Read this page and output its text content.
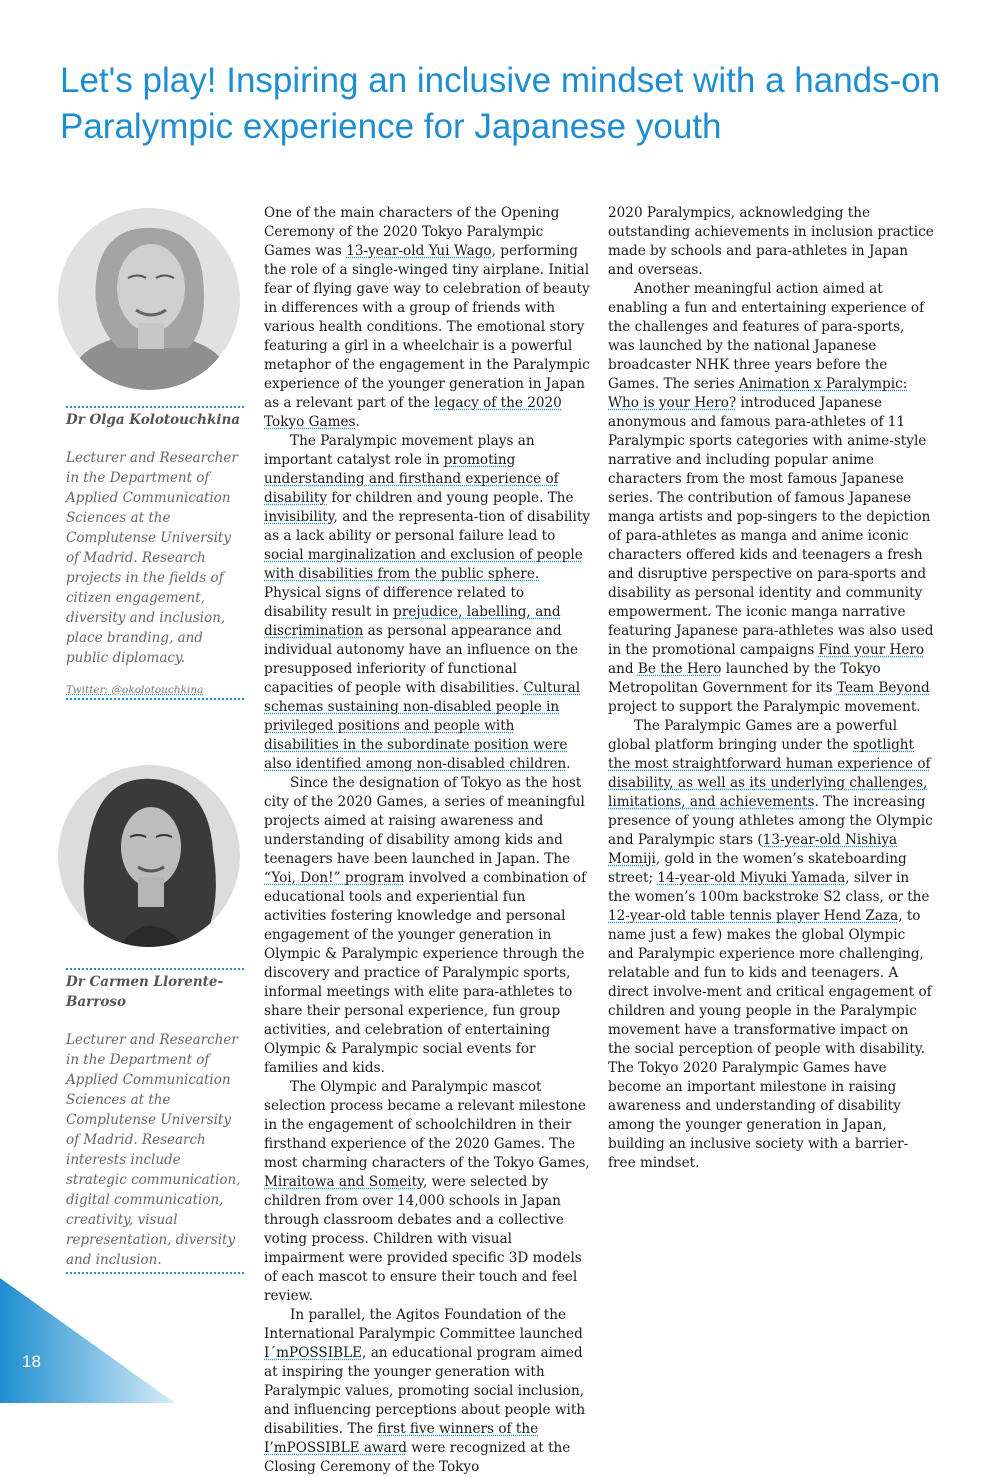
Let's play! Inspiring an inclusive mindset with a hands-on Paralympic experience for Japanese youth

Dr Olga Kolotouchkina

Lecturer and Researcher in the Department of Applied Communication Sciences at the Complutense University of Madrid. Research projects in the fields of citizen engagement, diversity and inclusion, place branding, and public diplomacy.

Twitter: @okolotouchkina

Dr Carmen Llorente-Barroso

Lecturer and Researcher in the Department of Applied Communication Sciences at the Complutense University of Madrid. Research interests include strategic communication, digital communication, creativity, visual representation, diversity and inclusion.

One of the main characters of the Opening Ceremony of the 2020 Tokyo Paralympic Games was 13-year-old Yui Wago, performing the role of a single-winged tiny airplane. Initial fear of flying gave way to celebration of beauty in differences with a group of friends with various health conditions. The emotional story featuring a girl in a wheelchair is a powerful metaphor of the engagement in the Paralympic experience of the younger generation in Japan as a relevant part of the legacy of the 2020 Tokyo Games.

The Paralympic movement plays an important catalyst role in promoting understanding and firsthand experience of disability for children and young people. The invisibility, and the representa-tion of disability as a lack ability or personal failure lead to social marginalization and exclusion of people with disabilities from the public sphere. Physical signs of difference related to disability result in prejudice, labelling, and discrimination as personal appearance and individual autonomy have an influence on the presupposed inferiority of functional capacities of people with disabilities. Cultural schemas sustaining non-disabled people in privileged positions and people with disabilities in the subordinate position were also identified among non-disabled children.

Since the designation of Tokyo as the host city of the 2020 Games, a series of meaningful projects aimed at raising awareness and understanding of disability among kids and teenagers have been launched in Japan. The “Yoi, Don!” program involved a combination of educational tools and experiential fun activities fostering knowledge and personal engagement of the younger generation in Olympic & Paralympic experience through the discovery and practice of Paralympic sports, informal meetings with elite para-athletes to share their personal experience, fun group activities, and celebration of entertaining Olympic & Paralympic social events for families and kids.

The Olympic and Paralympic mascot selection process became a relevant milestone in the engagement of schoolchildren in their firsthand experience of the 2020 Games. The most charming characters of the Tokyo Games, Miraitowa and Someity, were selected by children from over 14,000 schools in Japan through classroom debates and a collective voting process. Children with visual impairment were provided specific 3D models of each mascot to ensure their touch and feel review.

In parallel, the Agitos Foundation of the International Paralympic Committee launched I´mPOSSIBLE, an educational program aimed at inspiring the younger generation with Paralympic values, promoting social inclusion, and influencing perceptions about people with disabilities. The first five winners of the I’mPOSSIBLE award were recognized at the Closing Ceremony of the Tokyo

2020 Paralympics, acknowledging the outstanding achievements in inclusion practice made by schools and para-athletes in Japan and overseas.

Another meaningful action aimed at enabling a fun and entertaining experience of the challenges and features of para-sports, was launched by the national Japanese broadcaster NHK three years before the Games. The series Animation x Paralympic: Who is your Hero? introduced Japanese anonymous and famous para-athletes of 11 Paralympic sports categories with anime-style narrative and including popular anime characters from the most famous Japanese series. The contribution of famous Japanese manga artists and pop-singers to the depiction of para-athletes as manga and anime iconic characters offered kids and teenagers a fresh and disruptive perspective on para-sports and disability as personal identity and community empowerment. The iconic manga narrative featuring Japanese para-athletes was also used in the promotional campaigns Find your Hero and Be the Hero launched by the Tokyo Metropolitan Government for its Team Beyond project to support the Paralympic movement.

The Paralympic Games are a powerful global platform bringing under the spotlight the most straightforward human experience of disability, as well as its underlying challenges, limitations, and achievements. The increasing presence of young athletes among the Olympic and Paralympic stars (13-year-old Nishiya Momiji, gold in the women’s skateboarding street; 14-year-old Miyuki Yamada, silver in the women’s 100m backstroke S2 class, or the 12-year-old table tennis player Hend Zaza, to name just a few) makes the global Olympic and Paralympic experience more challenging, relatable and fun to kids and teenagers. A direct involve-ment and critical engagement of children and young people in the Paralympic movement have a transformative impact on the social perception of people with disability. The Tokyo 2020 Paralympic Games have become an important milestone in raising awareness and understanding of disability among the younger generation in Japan, building an inclusive society with a barrier-free mindset.

18
